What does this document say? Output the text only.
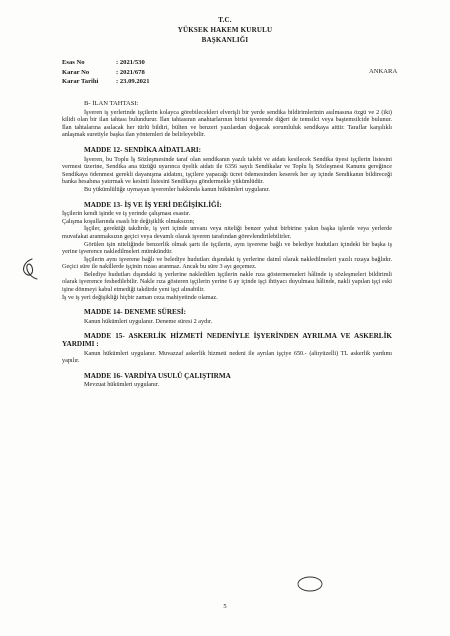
T.C.
YÜKSEK HAKEM KURULU
BAŞKANLIĞI
Esas No	: 2021/530
Karar No	: 2021/678
Karar Tarihi	: 23.09.2021
ANKARA

B- İLAN TAHTASI:

İşveren iş yerlerinde işçilerin kolayca görebilecekleri elverişli bir yerde sendika bildirimlerinin asılmasına özgü ve 2 (iki) kilidi olan bir ilan tahtası bulundurur. İlan tahtasının anahtarlarının birisi işverende diğeri de temsilci veya baştemsilcide bulunur. İlan tahtalarına asılacak her türlü bildiri, bülten ve benzeri yazılardan doğacak sorumluluk sendikaya aittir. Taraflar karşılıklı anlaşmak suretiyle başka ilan yöntemleri de belirleyebilir.

MADDE 12- SENDİKA AİDATLARI:

İşveren, bu Toplu İş Sözleşmesinde taraf olan sendikanın yazılı talebi ve aidatı kesilecek Sendika üyesi işçilerin listesini vermesi üzerine, Sendika ana tüzüğü uyarınca üyelik aidatı ile 6356 sayılı Sendikalar ve Toplu İş Sözleşmesi Kanunu gereğince Sendikaya ödenmesi gerekli dayanışma aidatını, işçilere yapacağı ücret ödemesinden keserek her ay içinde Sendikanın bildireceği banka hesabına yatırmak ve kesinti listesini Sendikaya göndermekle yükümlüdür.

Bu yükümlülüğe uymayan işverenler hakkında kanun hükümleri uygulanır.

MADDE 13- İŞ VE İŞ YERİ DEĞİŞİKLİĞİ:

İşçilerin kendi işinde ve iş yerinde çalışması esastır.

Çalışma koşullarında esaslı bir değişiklik olmaksızın;

İşçiler, gerektiği takdirde, iş yeri içinde unvanı veya niteliği benzer yahut birbirine yakın başka işlerde veya yerlerde muvafakat aranmaksızın geçici veya devamlı olarak işveren tarafından görevlendirilebilirler.

Görülen işin niteliğinde benzerlik olmak şartı ile işçilerin, aynı işverene bağlı ve belediye hudutları içindeki bir başka iş yerine işverence nakledilmeleri mümkündür.

İşçilerin aynı işverene bağlı ve belediye hudutları dışındaki iş yerlerine daimî olarak nakledilmeleri yazılı rızaya bağlıdır. Geçici süre ile nakillerde işçinin rızası aranmaz. Ancak bu süre 3 ayı geçemez.

Belediye hudutları dışındaki iş yerlerine nakledilen işçilerin nakle rıza göstermemeleri hâlinde iş sözleşmeleri bildirimli olarak işverence feshedilebilir. Nakle rıza gösteren işçilerin yerine 6 ay içinde işçi ihtiyacı duyulması hâlinde, nakli yapılan işçi eski işine dönmeyi kabul etmediği takdirde yeni işçi alınabilir.

İş ve iş yeri değişikliği hiçbir zaman ceza mahiyetinde olamaz.

MADDE 14- DENEME SÜRESİ:

Kanun hükümleri uygulanır. Deneme süresi 2 aydır.

MADDE 15- ASKERLİK HİZMETİ NEDENİYLE İŞYERİNDEN AYRILMA VE ASKERLİK YARDIMI :

Kanun hükümleri uygulanır. Muvazzaf askerlik hizmeti nedeni ile ayrılan işçiye 650.- (altıyüzelli) TL askerlik yardımı yapılır.

MADDE 16- VARDİYA USULÜ ÇALIŞTIRMA

Mevzuat hükümleri uygulanır.

5
